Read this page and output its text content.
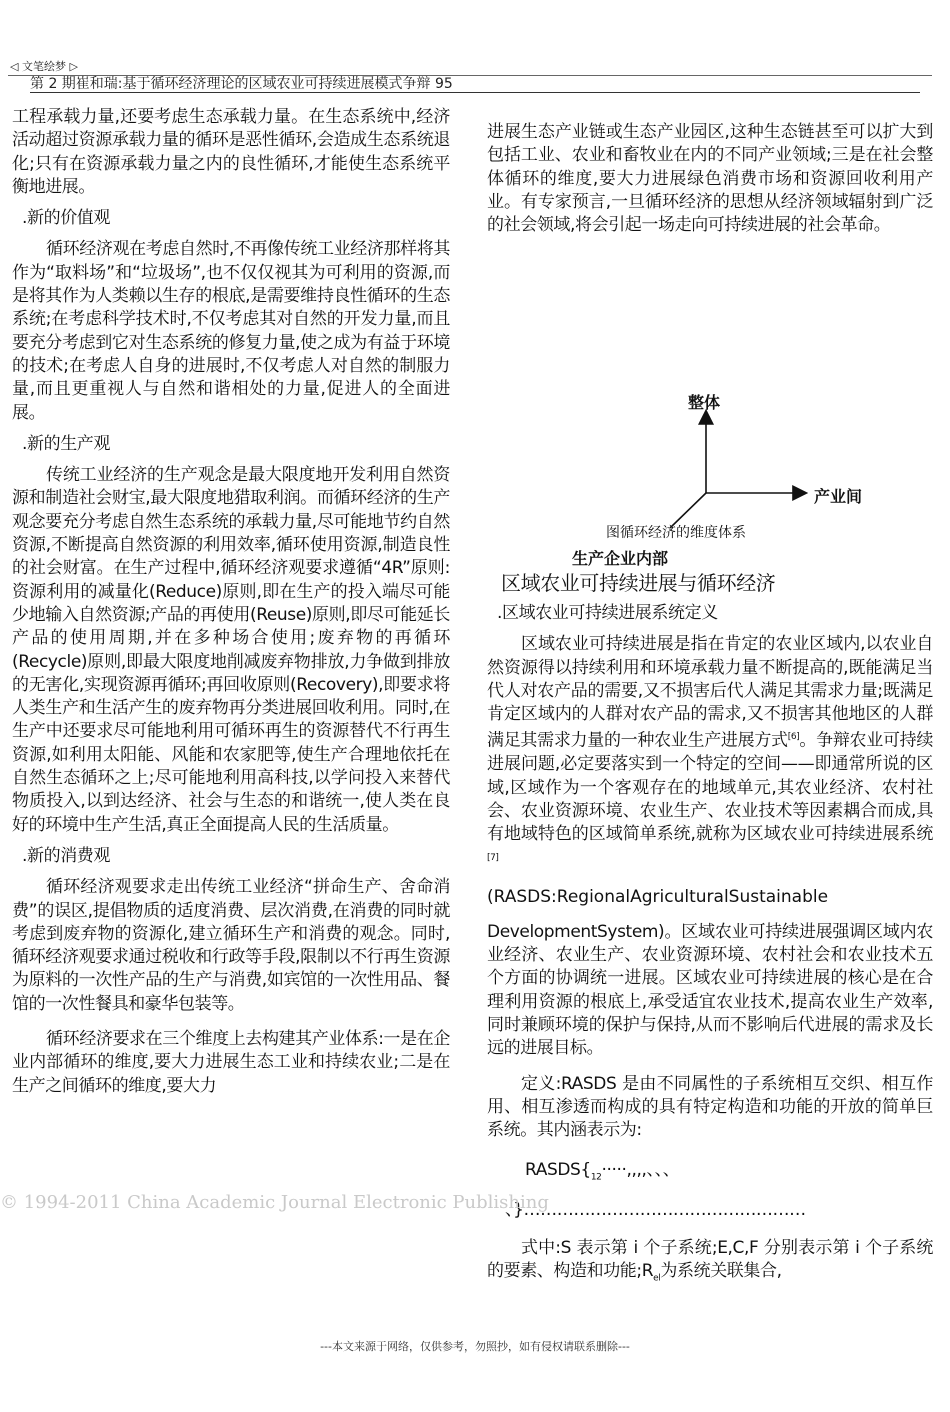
◁ 文笔绘梦 ▷
第 2 期崔和瑞:基于循环经济理论的区域农业可持续进展模式争辩 95

工程承载力量,还要考虑生态承载力量。在生态系统中,经济活动超过资源承载力量的循环是恶性循环,会造成生态系统退化;只有在资源承载力量之内的良性循环,才能使生态系统平衡地进展。

.新的价值观

循环经济观在考虑自然时,不再像传统工业经济那样将其作为“取料场”和“垃圾场”,也不仅仅视其为可利用的资源,而是将其作为人类赖以生存的根底,是需要维持良性循环的生态系统;在考虑科学技术时,不仅考虑其对自然的开发力量,而且要充分考虑到它对生态系统的修复力量,使之成为有益于环境的技术;在考虑人自身的进展时,不仅考虑人对自然的制服力量,而且更重视人与自然和谐相处的力量,促进人的全面进展。

.新的生产观

传统工业经济的生产观念是最大限度地开发利用自然资源和制造社会财宝,最大限度地猎取利润。而循环经济的生产观念要充分考虑自然生态系统的承载力量,尽可能地节约自然资源,不断提高自然资源的利用效率,循环使用资源,制造良性的社会财富。在生产过程中,循环经济观要求遵循“4R”原则:资源利用的减量化(Reduce)原则,即在生产的投入端尽可能少地输入自然资源;产品的再使用(Reuse)原则,即尽可能延长产品的使用周期,并在多种场合使用;废弃物的再循环(Recycle)原则,即最大限度地削减废弃物排放,力争做到排放的无害化,实现资源再循环;再回收原则(Recovery),即要求将人类生产和生活产生的废弃物再分类进展回收利用。同时,在生产中还要求尽可能地利用可循环再生的资源替代不行再生资源,如利用太阳能、风能和农家肥等,使生产合理地依托在自然生态循环之上;尽可能地利用高科技,以学问投入来替代物质投入,以到达经济、社会与生态的和谐统一,使人类在良好的环境中生产生活,真正全面提高人民的生活质量。

.新的消费观

循环经济观要求走出传统工业经济“拼命生产、舍命消费”的误区,提倡物质的适度消费、层次消费,在消费的同时就考虑到废弃物的资源化,建立循环生产和消费的观念。同时,循环经济观要求通过税收和行政等手段,限制以不行再生资源为原料的一次性产品的生产与消费,如宾馆的一次性用品、餐馆的一次性餐具和豪华包装等。

循环经济要求在三个维度上去构建其产业体系:一是在企业内部循环的维度,要大力进展生态工业和持续农业;二是在生产之间循环的维度,要大力

进展生态产业链或生态产业园区,这种生态链甚至可以扩大到包括工业、农业和畜牧业在内的不同产业领域;三是在社会整体循环的维度,要大力进展绿色消费市场和资源回收利用产业。有专家预言,一旦循环经济的思想从经济领域辐射到广泛的社会领域,将会引起一场走向可持续进展的社会革命。

整体
产业间
图循环经济的维度体系
生产企业内部
区域农业可持续进展与循环经济

.区域农业可持续进展系统定义

区域农业可持续进展是指在肯定的农业区域内,以农业自然资源得以持续利用和环境承载力量不断提高的,既能满足当代人对农产品的需要,又不损害后代人满足其需求力量;既满足肯定区域内的人群对农产品的需求,又不损害其他地区的人群满足其需求力量的一种农业生产进展方式[6]。争辩农业可持续进展问题,必定要落实到一个特定的空间——即通常所说的区域,区域作为一个客观存在的地域单元,其农业经济、农村社会、农业资源环境、农业生产、农业技术等因素耦合而成,具有地域特色的区域简单系统,就称为区域农业可持续进展系统[7]

(RASDS:RegionalAgriculturalSustainable

DevelopmentSystem)。区域农业可持续进展强调区域内农业经济、农业生产、农业资源环境、农村社会和农业技术五个方面的协调统一进展。区域农业可持续进展的核心是在合理利用资源的根底上,承受适宜农业技术,提高农业生产效率,同时兼顾环境的保护与保持,从而不影响后代进展的需求及长远的进展目标。

定义:RASDS 是由不同属性的子系统相互交织、相互作用、相互渗透而构成的具有特定构造和功能的开放的简单巨系统。其内涵表示为:

$RASDS\{_{12}\cdot\cdot\cdot\cdot\cdot$,,,,、、、

、}……………………………………………

式中:S 表示第 i 个子系统;E,C,F 分别表示第 i 个子系统的要素、构造和功能$;R_{el}$为系统关联集合,

© 1994-2011 China Academic Journal Electronic Publishing
---本文来源于网络，仅供参考，勿照抄，如有侵权请联系删除---
